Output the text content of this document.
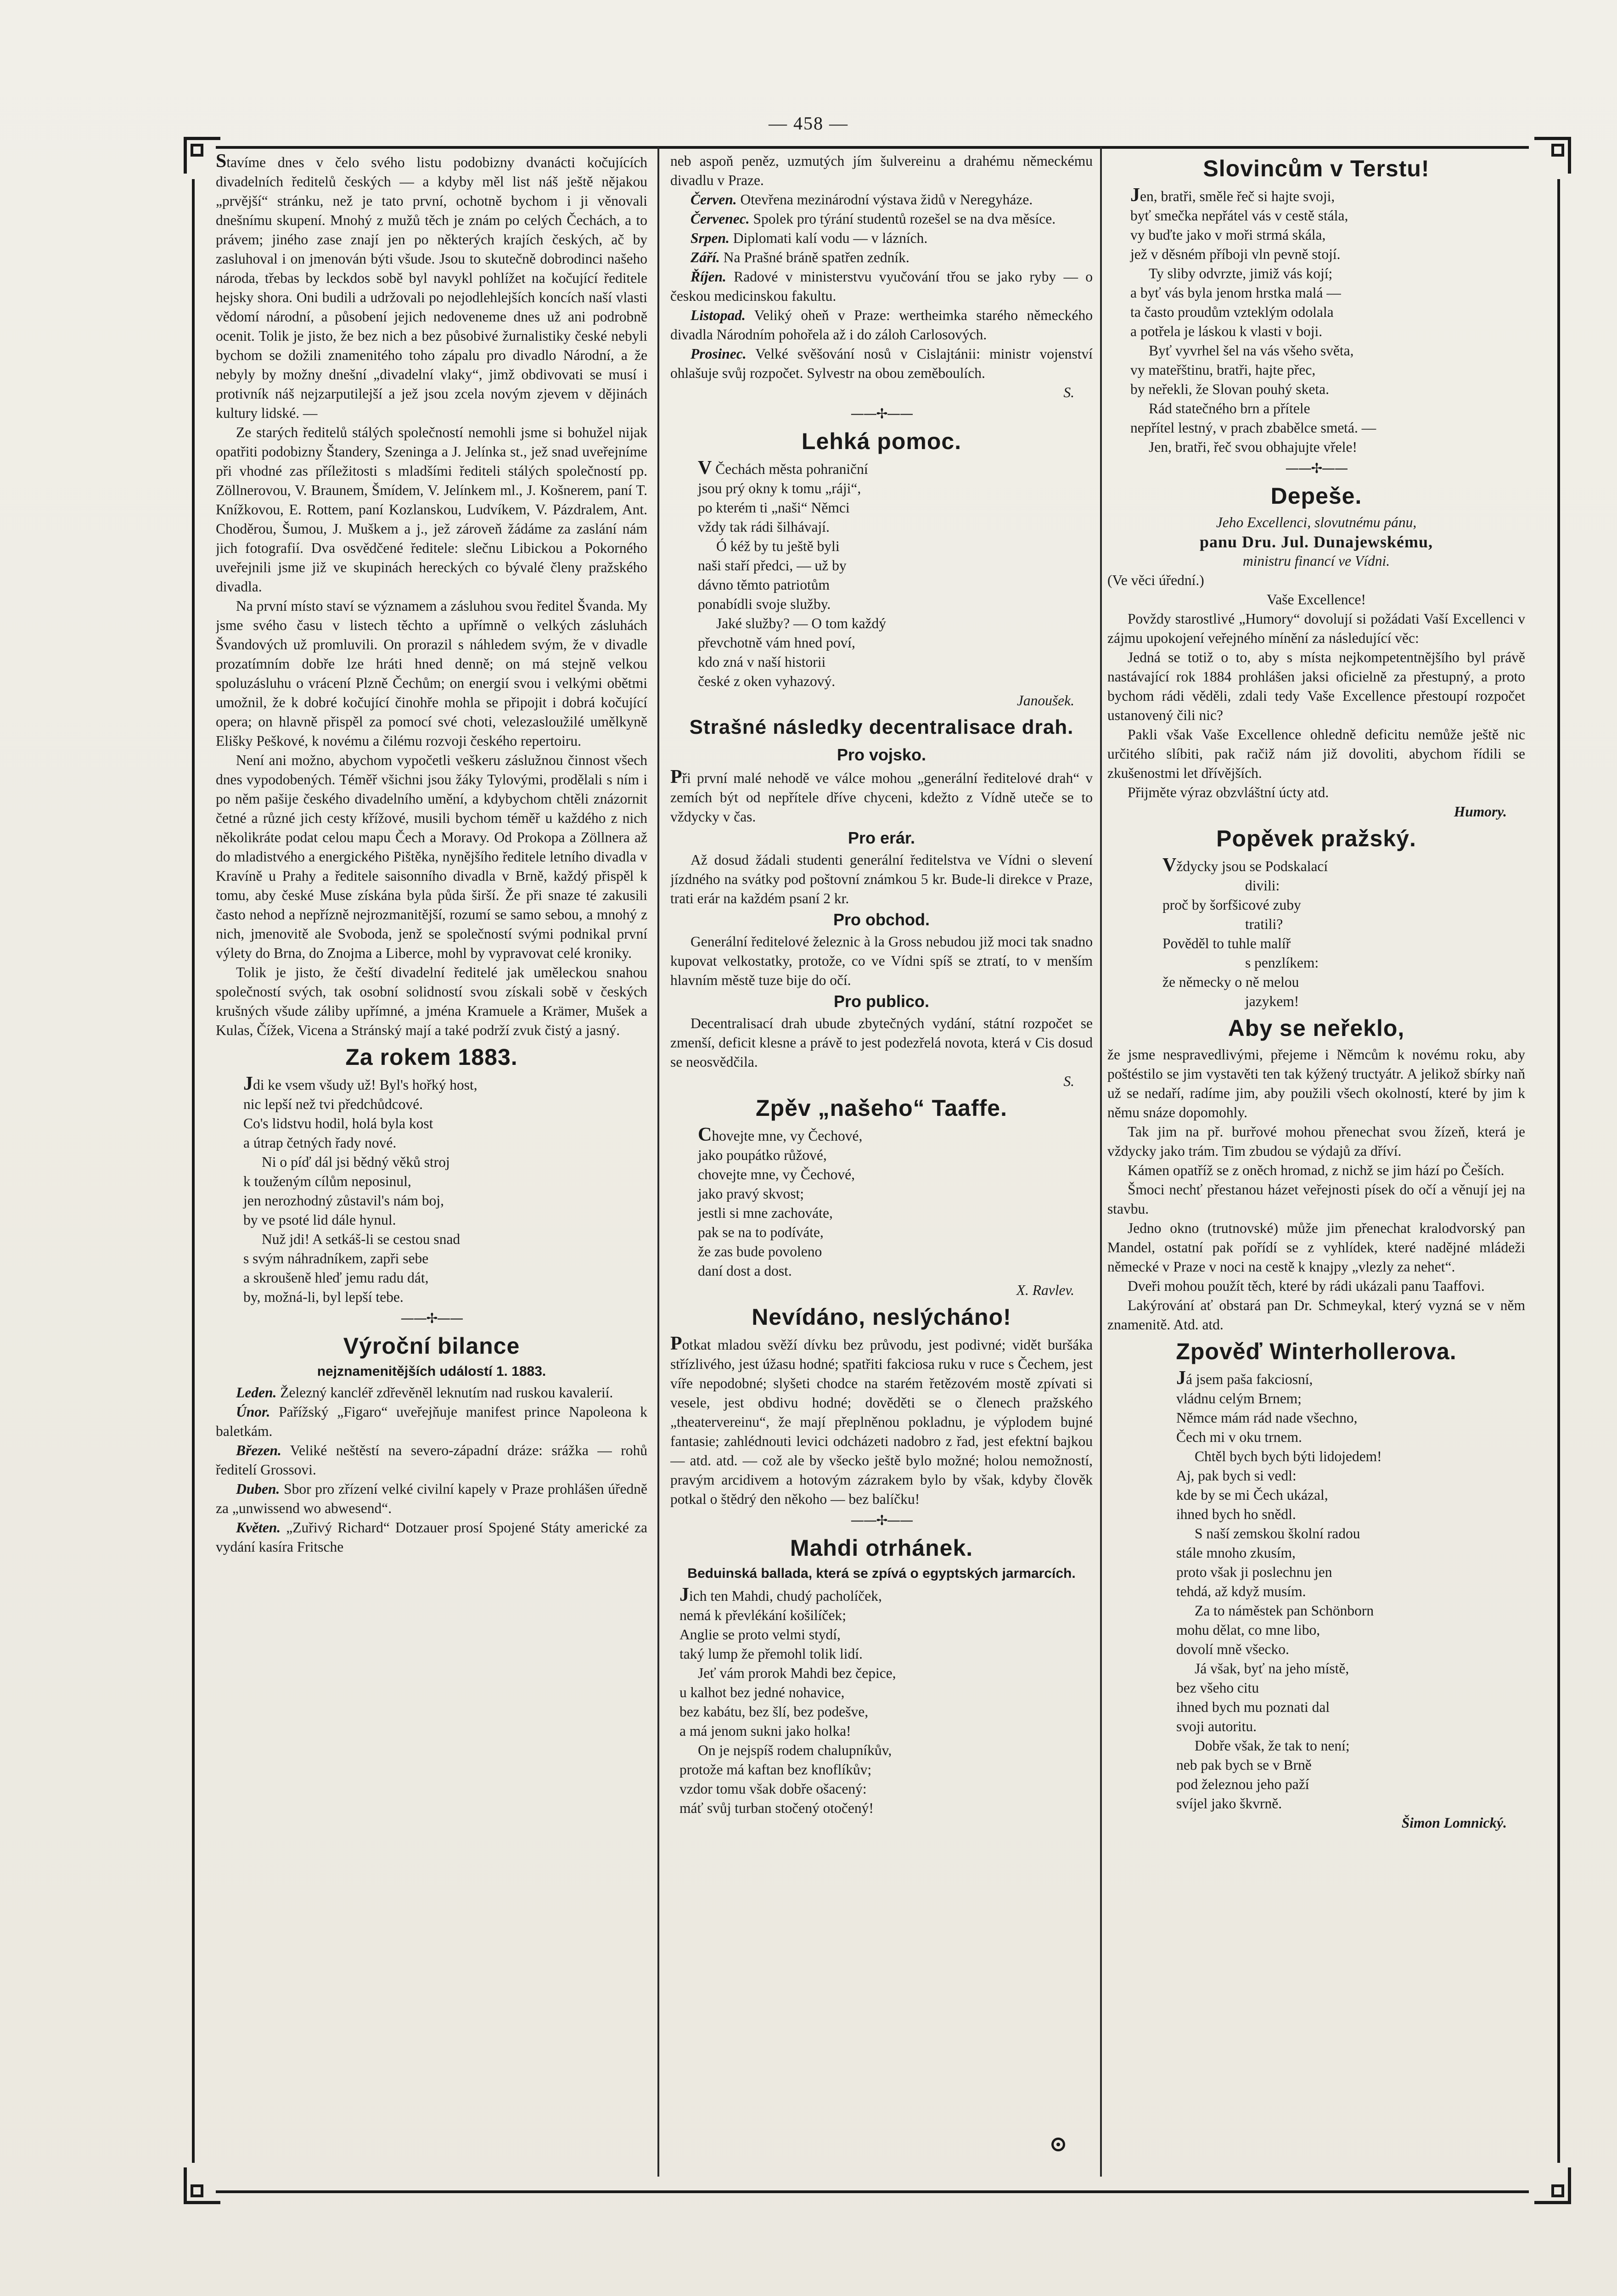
— 458 —

Stavíme dnes v čelo svého listu podobizny dvanácti kočujících divadelních ředitelů českých — a kdyby měl list náš ještě nějakou „prvější“ stránku, než je tato první, ochotně bychom i ji věnovali dnešnímu skupení. Mnohý z mužů těch je znám po celých Čechách, a to právem; jiného zase znají jen po některých krajích českých, ač by zasluhoval i on jmenován býti všude. Jsou to skutečně dobrodinci našeho národa, třebas by leckdos sobě byl navykl pohlížet na kočující ředitele hejsky shora. Oni budili a udržovali po nejodlehlejších koncích naší vlasti vědomí národní, a působení jejich nedoveneme dnes už ani podrobně ocenit. Tolik je jisto, že bez nich a bez působivé žurnalistiky české nebyli bychom se dožili znamenitého toho zápalu pro divadlo Národní, a že nebyly by možny dnešní „divadelní vlaky“, jimž obdivovati se musí i protivník náš nejzarputilejší a jež jsou zcela novým zjevem v dějinách kultury lidské. —

Ze starých ředitelů stálých společností nemohli jsme si bohužel nijak opatřiti podobizny Štandery, Szeninga a J. Jelínka st., jež snad uveřejníme při vhodné zas příležitosti s mladšími řediteli stálých společností pp. Zöllnerovou, V. Braunem, Šmídem, V. Jelínkem ml., J. Košnerem, paní T. Knížkovou, E. Rottem, paní Kozlanskou, Ludvíkem, V. Pázdralem, Ant. Choděrou, Šumou, J. Muškem a j., jež zároveň žádáme za zaslání nám jich fotografií. Dva osvědčené ředitele: slečnu Libickou a Pokorného uveřejnili jsme již ve skupinách hereckých co bývalé členy pražského divadla.

Na první místo staví se významem a zásluhou svou ředitel Švanda. My jsme svého času v listech těchto a upřímně o velkých zásluhách Švandových už promluvili. On prorazil s náhledem svým, že v divadle prozatímním dobře lze hráti hned denně; on má stejně velkou spoluzásluhu o vrácení Plzně Čechům; on energií svou i velkými obětmi umožnil, že k dobré kočující činohře mohla se připojit i dobrá kočující opera; on hlavně přispěl za pomocí své choti, velezasloužilé umělkyně Elišky Peškové, k novému a čilému rozvoji českého repertoiru.

Není ani možno, abychom vypočetli veškeru záslužnou činnost všech dnes vypodobených. Téměř všichni jsou žáky Tylovými, prodělali s ním i po něm pašije českého divadelního umění, a kdybychom chtěli znázornit četné a různé jich cesty křížové, musili bychom téměř u každého z nich několikráte podat celou mapu Čech a Moravy. Od Prokopa a Zöllnera až do mladistvého a energického Pištěka, nynějšího ředitele letního divadla v Kravíně u Prahy a ředitele saisonního divadla v Brně, každý přispěl k tomu, aby české Muse získána byla půda širší. Že při snaze té zakusili často nehod a nepřízně nejrozmanitější, rozumí se samo sebou, a mnohý z nich, jmenovitě ale Svoboda, jenž se společností svými podnikal první výlety do Brna, do Znojma a Liberce, mohl by vypravovat celé kroniky.

Tolik je jisto, že čeští divadelní ředitelé jak uměleckou snahou společností svých, tak osobní solidností svou získali sobě v českých krušných všude záliby upřímné, a jména Kramuele a Krämer, Mušek a Kulas, Čížek, Vicena a Stránský mají a také podrží zvuk čistý a jasný.

Za rokem 1883.
Jdi ke vsem všudy už! Byl's hořký host,
nic lepší než tvi předchůdcové.
Co's lidstvu hodil, holá byla kost
a útrap četných řady nové.
Ni o píď dál jsi bědný věků stroj
k touženým cílům neposinul,
jen nerozhodný zůstavil's nám boj,
by ve psoté lid dále hynul.
Nuž jdi! A setkáš-li se cestou snad
s svým náhradníkem, zapři sebe
a skroušeně hleď jemu radu dát,
by, možná-li, byl lepší tebe.
——✢——
Výroční bilance
nejznamenitějších událostí 1. 1883.

Leden. Železný kancléř zdřevěněl leknutím nad ruskou kavalerií.

Únor. Pařížský „Figaro“ uveřejňuje manifest prince Napoleona k baletkám.

Březen. Veliké neštěstí na severo-západní dráze: srážka — rohů ředitelí Grossovi.

Duben. Sbor pro zřízení velké civilní kapely v Praze prohlášen úředně za „unwissend wo abwesend“.

Květen. „Zuřivý Richard“ Dotzauer prosí Spojené Státy americké za vydání kasíra Fritsche

neb aspoň peněz, uzmutých jím šulvereinu a drahému německému divadlu v Praze.

Červen. Otevřena mezinárodní výstava židů v Neregyháze.

Červenec. Spolek pro týrání studentů rozešel se na dva měsíce.

Srpen. Diplomati kalí vodu — v lázních.

Září. Na Prašné bráně spatřen zedník.

Říjen. Radové v ministerstvu vyučování třou se jako ryby — o českou medicinskou fakultu.

Listopad. Veliký oheň v Praze: wertheimka starého německého divadla Národním pohořela až i do záloh Carlosových.

Prosinec. Velké svěšování nosů v Cislajtánii: ministr vojenství ohlašuje svůj rozpočet. Sylvestr na obou zeměboulích.

S.
——✢——
Lehká pomoc.
V Čechách města pohraniční
jsou prý okny k tomu „ráji“,
po kterém ti „naši“ Němci
vždy tak rádi šilhávají.
Ó kéž by tu ještě byli
naši staří předci, — už by
dávno těmto patriotům
ponabídli svoje služby.
Jaké služby? — O tom každý
převchotně vám hned poví,
kdo zná v naší historii
české z oken vyhazový.
Janoušek.
Strašné následky decentralisace drah.
Pro vojsko.

Při první malé nehodě ve válce mohou „generální ředitelové drah“ v zemích být od nepřítele dříve chyceni, kdežto z Vídně uteče se to vždycky v čas.

Pro erár.

Až dosud žádali studenti generální ředitelstva ve Vídni o slevení jízdného na svátky pod poštovní známkou 5 kr. Bude-li direkce v Praze, trati erár na každém psaní 2 kr.

Pro obchod.

Generální ředitelové železnic à la Gross nebudou již moci tak snadno kupovat velkostatky, protože, co ve Vídni spíš se ztratí, to v menším hlavním městě tuze bije do očí.

Pro publico.

Decentralisací drah ubude zbytečných vydání, státní rozpočet se zmenší, deficit klesne a právě to jest podezřelá novota, která v Cis dosud se neosvědčila.

S.
Zpěv „našeho“ Taaffe.
Chovejte mne, vy Čechové,
jako poupátko růžové,
chovejte mne, vy Čechové,
jako pravý skvost;
jestli si mne zachováte,
pak se na to podíváte,
že zas bude povoleno
daní dost a dost.
X. Ravlev.
Nevídáno, neslýcháno!

Potkat mladou svěží dívku bez průvodu, jest podivné; vidět buršáka střízlivého, jest úžasu hodné; spatřiti fakciosa ruku v ruce s Čechem, jest víře nepodobné; slyšeti chodce na starém řetězovém mostě zpívati si vesele, jest obdivu hodné; dověděti se o členech pražského „theatervereinu“, že mají přeplněnou pokladnu, je výplodem bujné fantasie; zahlédnouti levici odcházeti nadobro z řad, jest efektní bajkou — atd. atd. — což ale by všecko ještě bylo možné; holou nemožností, pravým arcidivem a hotovým zázrakem bylo by však, kdyby člověk potkal o štědrý den někoho — bez balíčku!

——✢——
Mahdi otrhánek.
Beduinská ballada, která se zpívá o egyptských jarmarcích.
Jich ten Mahdi, chudý pacholíček,
nemá k převlékání košilíček;
Anglie se proto velmi stydí,
taký lump že přemohl tolik lidí.
Jeť vám prorok Mahdi bez čepice,
u kalhot bez jedné nohavice,
bez kabátu, bez šlí, bez podešve,
a má jenom sukni jako holka!
On je nejspíš rodem chalupníkův,
protože má kaftan bez knoflíkův;
vzdor tomu však dobře ošacený:
máť svůj turban stočený otočený!
Slovincům v Terstu!
Jen, bratři, směle řeč si hajte svoji,
byť smečka nepřátel vás v cestě stála,
vy buďte jako v moři strmá skála,
jež v děsném příboji vln pevně stojí.
Ty sliby odvrzte, jimiž vás kojí;
a byť vás byla jenom hrstka malá —
ta často proudům vzteklým odolala
a potřela je láskou k vlasti v boji.
Byť vyvrhel šel na vás všeho světa,
vy mateřštinu, bratři, hajte přec,
by neřekli, že Slovan pouhý sketa.
Rád statečného brn a přítele
nepřítel lestný, v prach zbabělce smetá. —
Jen, bratři, řeč svou obhajujte vřele!
——✢——
Depeše.
Jeho Excellenci, slovutnému pánu,
panu Dru. Jul. Dunajewskému,
ministru financí ve Vídni.
(Ve věci úřední.)
Vaše Excellence!

Povždy starostlivé „Humory“ dovolují si požádati Vaší Excellenci v zájmu upokojení veřejného mínění za následující věc:

Jedná se totiž o to, aby s místa nejkompetentnějšího byl právě nastávající rok 1884 prohlášen jaksi oficielně za přestupný, a proto bychom rádi věděli, zdali tedy Vaše Excellence přestoupí rozpočet ustanovený čili nic?

Pakli však Vaše Excellence ohledně deficitu nemůže ještě nic určitého slíbiti, pak račiž nám již dovoliti, abychom řídili se zkušenostmi let dřívějších.

Přijměte výraz obzvláštní úcty atd.

Humory.
Popěvek pražský.
Vždycky jsou se Podskalací
divili:
proč by šorfšicové zuby
tratili?
Pověděl to tuhle malíř
s penzlíkem:
že německy o ně melou
jazykem!
Aby se neřeklo,

že jsme nespravedlivými, přejeme i Němcům k novému roku, aby poštéstilo se jim vystavěti ten tak kýžený tructyátr. A jelikož sbírky naň už se nedaří, radíme jim, aby použili všech okolností, které by jim k němu snáze dopomohly.

Tak jim na př. burřové mohou přenechat svou žízeň, která je vždycky jako trám. Tim zbudou se výdajů za dříví.

Kámen opatříž se z oněch hromad, z nichž se jim hází po Češích.

Šmoci nechť přestanou házet veřejnosti písek do očí a věnují jej na stavbu.

Jedno okno (trutnovské) může jim přenechat kralodvorský pan Mandel, ostatní pak pořídí se z vyhlídek, které nadějné mládeži německé v Praze v noci na cestě k knajpy „vlezly za nehet“.

Dveři mohou použít těch, které by rádi ukázali panu Taaffovi.

Lakýrování ať obstará pan Dr. Schmeykal, který vyzná se v něm znamenitě. Atd. atd.

Zpověď Winterhollerova.
Já jsem paša fakciosní,
vládnu celým Brnem;
Němce mám rád nade všechno,
Čech mi v oku trnem.
Chtěl bych bych býti lidojedem!
Aj, pak bych si vedl:
kde by se mi Čech ukázal,
ihned bych ho snědl.
S naší zemskou školní radou
stále mnoho zkusím,
proto však ji poslechnu jen
tehdá, až když musím.
Za to náměstek pan Schönborn
mohu dělat, co mne libo,
dovolí mně všecko.
Já však, byť na jeho místě,
bez všeho citu
ihned bych mu poznati dal
svoji autoritu.
Dobře však, že tak to není;
neb pak bych se v Brně
pod železnou jeho paží
svíjel jako škvrně.
Šimon Lomnický.
